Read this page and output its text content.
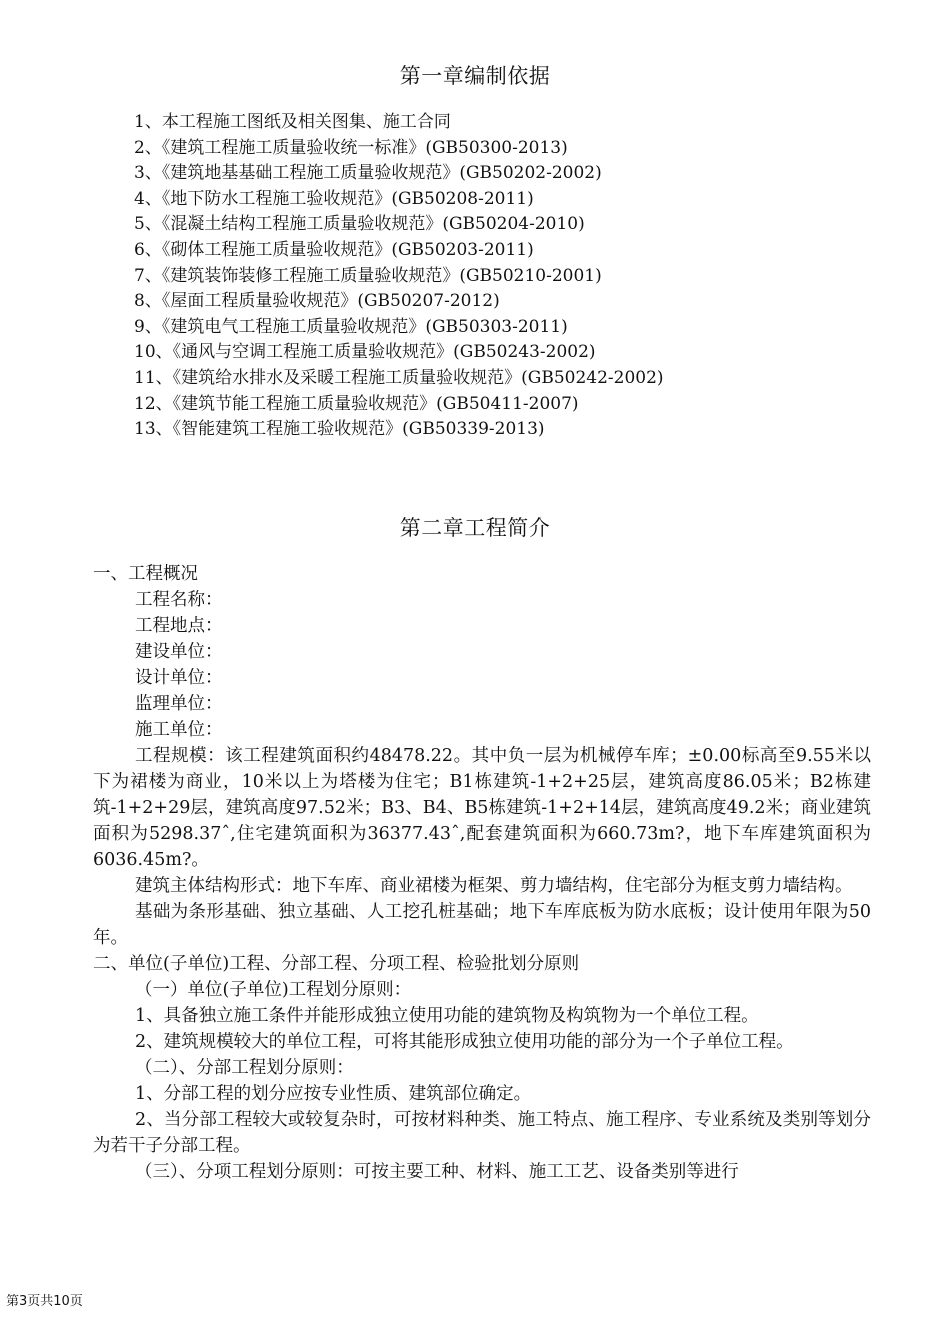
第一章编制依据
1、本工程施工图纸及相关图集、施工合同
2、《建筑工程施工质量验收统一标准》(GB50300-2013)
3、《建筑地基基础工程施工质量验收规范》(GB50202-2002)
4、《地下防水工程施工验收规范》(GB50208-2011)
5、《混凝土结构工程施工质量验收规范》(GB50204-2010)
6、《砌体工程施工质量验收规范》(GB50203-2011)
7、《建筑装饰装修工程施工质量验收规范》(GB50210-2001)
8、《屋面工程质量验收规范》(GB50207-2012)
9、《建筑电气工程施工质量验收规范》(GB50303-2011)
10、《通风与空调工程施工质量验收规范》(GB50243-2002)
11、《建筑给水排水及采暖工程施工质量验收规范》(GB50242-2002)
12、《建筑节能工程施工质量验收规范》(GB50411-2007)
13、《智能建筑工程施工验收规范》(GB50339-2013)
第二章工程简介
一、工程概况
工程名称：
工程地点：
建设单位：
设计单位：
监理单位：
施工单位：
工程规模：该工程建筑面积约48478.22。其中负一层为机械停车库；±0.00标高至9.55米以下为裙楼为商业，10米以上为塔楼为住宅；B1栋建筑-1+2+25层，建筑高度86.05米；B2栋建筑-1+2+29层，建筑高度97.52米；B3、B4、B5栋建筑-1+2+14层，建筑高度49.2米；商业建筑面积为5298.37ˆ,住宅建筑面积为36377.43ˆ,配套建筑面积为660.73m?，地下车库建筑面积为6036.45m?。
建筑主体结构形式：地下车库、商业裙楼为框架、剪力墙结构，住宅部分为框支剪力墙结构。
基础为条形基础、独立基础、人工挖孔桩基础；地下车库底板为防水底板；设计使用年限为50年。
二、单位(子单位)工程、分部工程、分项工程、检验批划分原则
（一）单位(子单位)工程划分原则：
1、具备独立施工条件并能形成独立使用功能的建筑物及构筑物为一个单位工程。
2、建筑规模较大的单位工程，可将其能形成独立使用功能的部分为一个子单位工程。
（二）、分部工程划分原则：
1、分部工程的划分应按专业性质、建筑部位确定。
2、当分部工程较大或较复杂时，可按材料种类、施工特点、施工程序、专业系统及类别等划分为若干子分部工程。
（三）、分项工程划分原则：可按主要工种、材料、施工工艺、设备类别等进行
第3页共10页
